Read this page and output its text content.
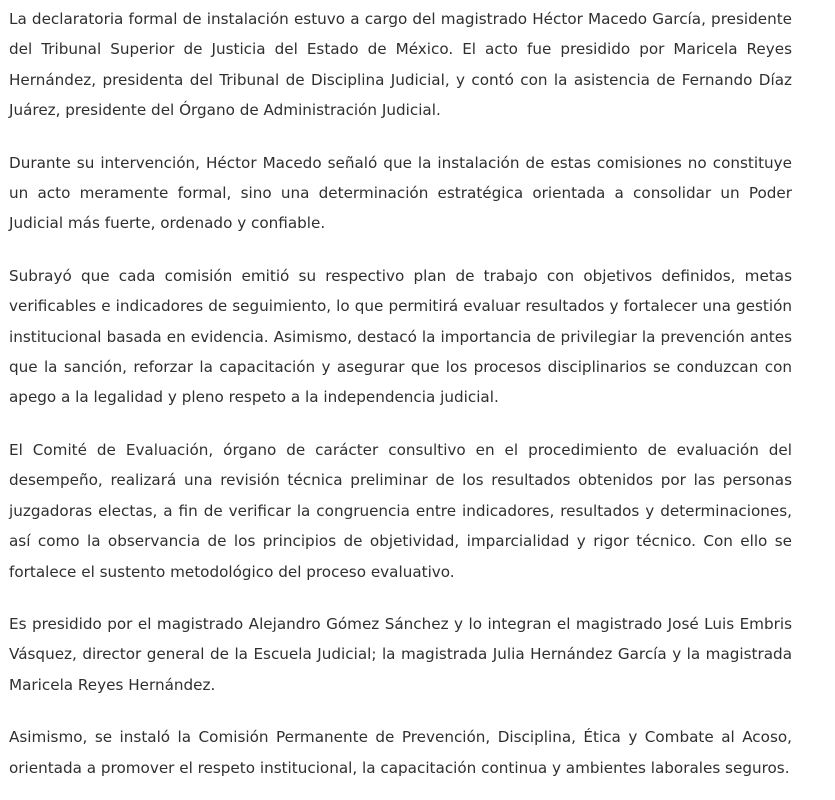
La declaratoria formal de instalación estuvo a cargo del magistrado Héctor Macedo García, presidente del Tribunal Superior de Justicia del Estado de México. El acto fue presidido por Maricela Reyes Hernández, presidenta del Tribunal de Disciplina Judicial, y contó con la asistencia de Fernando Díaz Juárez, presidente del Órgano de Administración Judicial.

Durante su intervención, Héctor Macedo señaló que la instalación de estas comisiones no constituye un acto meramente formal, sino una determinación estratégica orientada a consolidar un Poder Judicial más fuerte, ordenado y confiable.

Subrayó que cada comisión emitió su respectivo plan de trabajo con objetivos definidos, metas verificables e indicadores de seguimiento, lo que permitirá evaluar resultados y fortalecer una gestión institucional basada en evidencia. Asimismo, destacó la importancia de privilegiar la prevención antes que la sanción, reforzar la capacitación y asegurar que los procesos disciplinarios se conduzcan con apego a la legalidad y pleno respeto a la independencia judicial.

El Comité de Evaluación, órgano de carácter consultivo en el procedimiento de evaluación del desempeño, realizará una revisión técnica preliminar de los resultados obtenidos por las personas juzgadoras electas, a fin de verificar la congruencia entre indicadores, resultados y determinaciones, así como la observancia de los principios de objetividad, imparcialidad y rigor técnico. Con ello se fortalece el sustento metodológico del proceso evaluativo.

Es presidido por el magistrado Alejandro Gómez Sánchez y lo integran el magistrado José Luis Embris Vásquez, director general de la Escuela Judicial; la magistrada Julia Hernández García y la magistrada Maricela Reyes Hernández.

Asimismo, se instaló la Comisión Permanente de Prevención, Disciplina, Ética y Combate al Acoso, orientada a promover el respeto institucional, la capacitación continua y ambientes laborales seguros.
